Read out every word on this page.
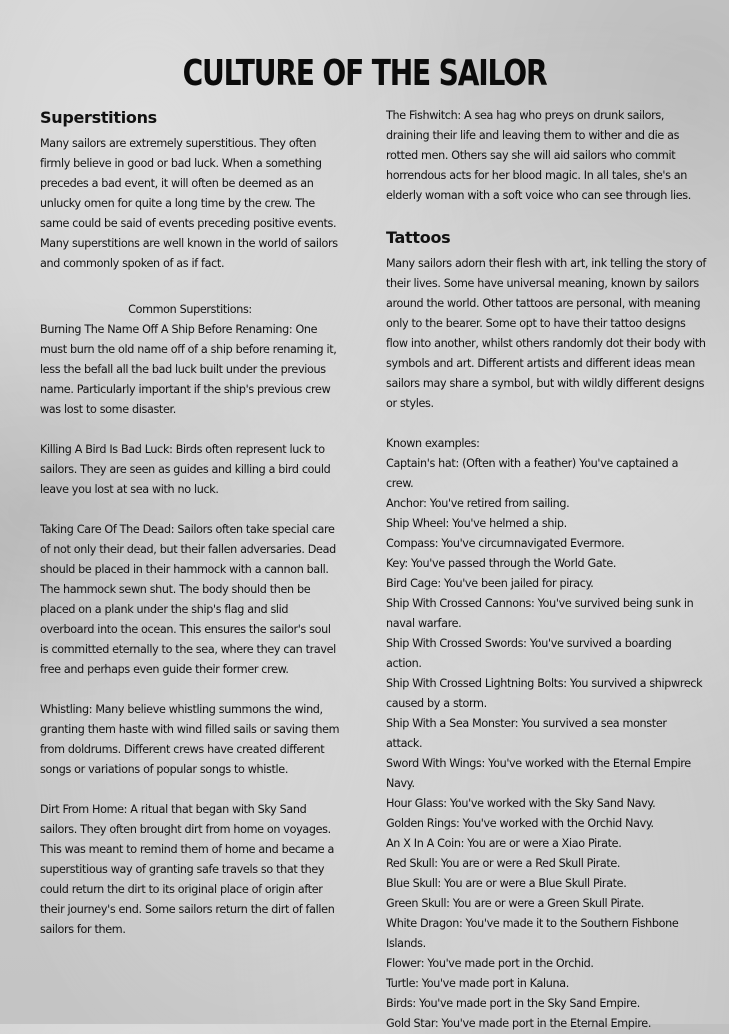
CULTURE OF THE SAILOR
Superstitions

Many sailors are extremely superstitious. They often firmly believe in good or bad luck. When a something precedes a bad event, it will often be deemed as an unlucky omen for quite a long time by the crew. The same could be said of events preceding positive events. Many superstitions are well known in the world of sailors and commonly spoken of as if fact.

Common Superstitions:

Burning The Name Off A Ship Before Renaming: One must burn the old name off of a ship before renaming it, less the befall all the bad luck built under the previous name. Particularly important if the ship's previous crew was lost to some disaster.

Killing A Bird Is Bad Luck: Birds often represent luck to sailors. They are seen as guides and killing a bird could leave you lost at sea with no luck.

Taking Care Of The Dead: Sailors often take special care of not only their dead, but their fallen adversaries. Dead should be placed in their hammock with a cannon ball. The hammock sewn shut. The body should then be placed on a plank under the ship's flag and slid overboard into the ocean. This ensures the sailor's soul is committed eternally to the sea, where they can travel free and perhaps even guide their former crew.

Whistling: Many believe whistling summons the wind, granting them haste with wind filled sails or saving them from doldrums. Different crews have created different songs or variations of popular songs to whistle.

Dirt From Home: A ritual that began with Sky Sand sailors. They often brought dirt from home on voyages. This was meant to remind them of home and became a superstitious way of granting safe travels so that they could return the dirt to its original place of origin after their journey's end. Some sailors return the dirt of fallen sailors for them.

The Fishwitch: A sea hag who preys on drunk sailors, draining their life and leaving them to wither and die as rotted men. Others say she will aid sailors who commit horrendous acts for her blood magic. In all tales, she's an elderly woman with a soft voice who can see through lies.

Tattoos

Many sailors adorn their flesh with art, ink telling the story of their lives. Some have universal meaning, known by sailors around the world. Other tattoos are personal, with meaning only to the bearer. Some opt to have their tattoo designs flow into another, whilst others randomly dot their body with symbols and art. Different artists and different ideas mean sailors may share a symbol, but with wildly different designs or styles.

Known examples:

Captain's hat: (Often with a feather) You've captained a crew.

Anchor: You've retired from sailing.

Ship Wheel: You've helmed a ship.

Compass: You've circumnavigated Evermore.

Key: You've passed through the World Gate.

Bird Cage: You've been jailed for piracy.

Ship With Crossed Cannons: You've survived being sunk in naval warfare.

Ship With Crossed Swords: You've survived a boarding action.

Ship With Crossed Lightning Bolts: You survived a shipwreck caused by a storm.

Ship With a Sea Monster: You survived a sea monster attack.

Sword With Wings: You've worked with the Eternal Empire Navy.

Hour Glass: You've worked with the Sky Sand Navy.

Golden Rings: You've worked with the Orchid Navy.

An X In A Coin: You are or were a Xiao Pirate.

Red Skull: You are or were a Red Skull Pirate.

Blue Skull: You are or were a Blue Skull Pirate.

Green Skull: You are or were a Green Skull Pirate.

White Dragon: You've made it to the Southern Fishbone Islands.

Flower: You've made port in the Orchid.

Turtle: You've made port in Kaluna.

Birds: You've made port in the Sky Sand Empire.

Gold Star: You've made port in the Eternal Empire.
